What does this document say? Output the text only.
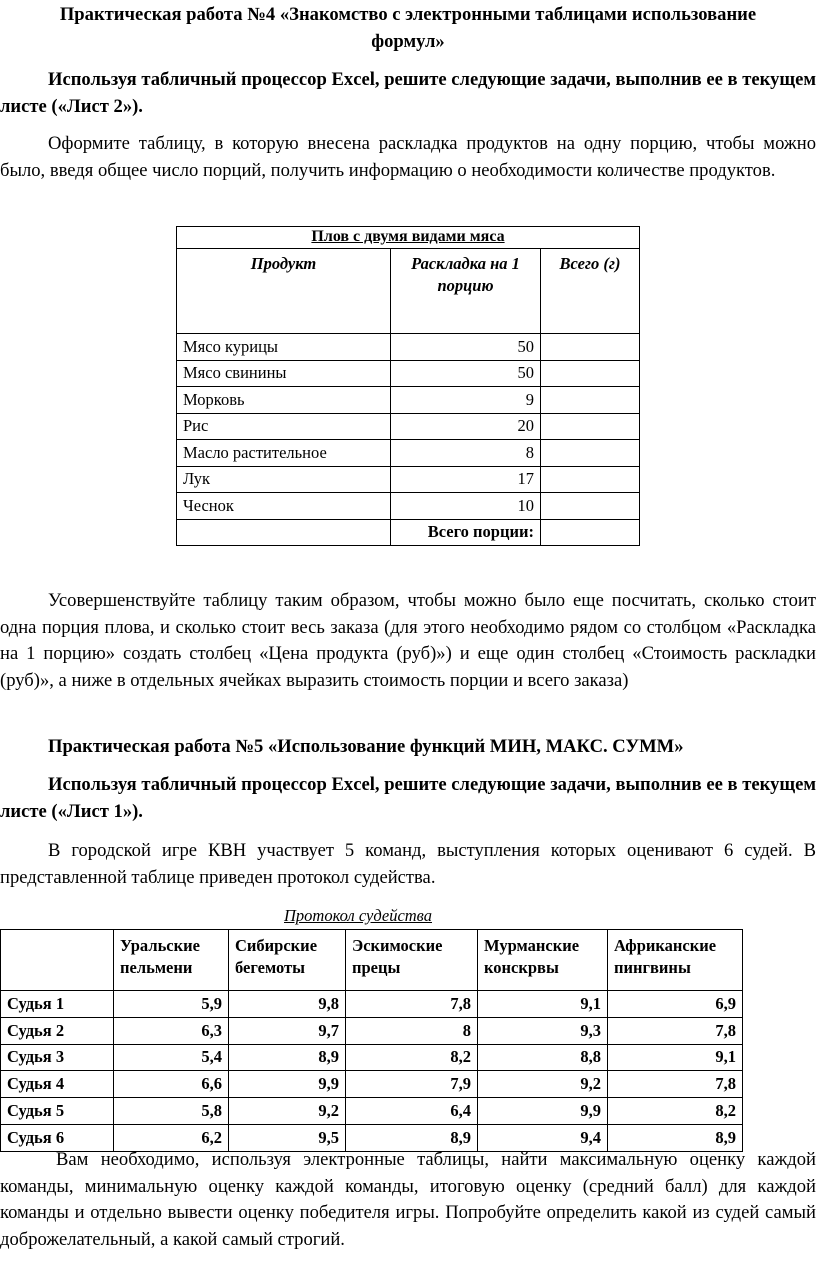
Практическая работа №4 «Знакомство с электронными таблицами использование
формул»
Используя табличный процессор Excel, решите следующие задачи, выполнив ее в текущем листе («Лист 2»).
Оформите таблицу, в которую внесена раскладка продуктов на одну порцию, чтобы можно было, введя общее число порций, получить информацию о необходимости количестве продуктов.
Плов с двумя видами мяса
Продукт	Раскладка на 1 порцию	Всего (г)
Мясо курицы	50	
Мясо свинины	50	
Морковь	9	
Рис	20	
Масло растительное	8	
Лук	17	
Чеснок	10	
	Всего порции:	
Усовершенствуйте таблицу таким образом, чтобы можно было еще посчитать, сколько стоит одна порция плова, и сколько стоит весь заказа (для этого необходимо рядом со столбцом «Раскладка на 1 порцию» создать столбец «Цена продукта (руб)») и еще один столбец «Стоимость раскладки (руб)», а ниже в отдельных ячейках выразить стоимость порции и всего заказа)
Практическая работа №5 «Использование функций МИН, МАКС. СУММ»
Используя табличный процессор Excel, решите следующие задачи, выполнив ее в текущем листе («Лист 1»).
В городской игре КВН участвует 5 команд, выступления которых оценивают 6 судей. В представленной таблице приведен протокол судейства.
Протокол судейства
	Уральские пельмени	Сибирские бегемоты	Эскимоские прецы	Мурманские конскрвы	Африканские пингвины
Судья 1	5,9	9,8	7,8	9,1	6,9
Судья 2	6,3	9,7	8	9,3	7,8
Судья 3	5,4	8,9	8,2	8,8	9,1
Судья 4	6,6	9,9	7,9	9,2	7,8
Судья 5	5,8	9,2	6,4	9,9	8,2
Судья 6	6,2	9,5	8,9	9,4	8,9
Вам необходимо, используя электронные таблицы, найти максимальную оценку каждой команды, минимальную оценку каждой команды, итоговую оценку (средний балл) для каждой команды и отдельно вывести оценку победителя игры. Попробуйте определить какой из судей самый доброжелательный, а какой самый строгий.
